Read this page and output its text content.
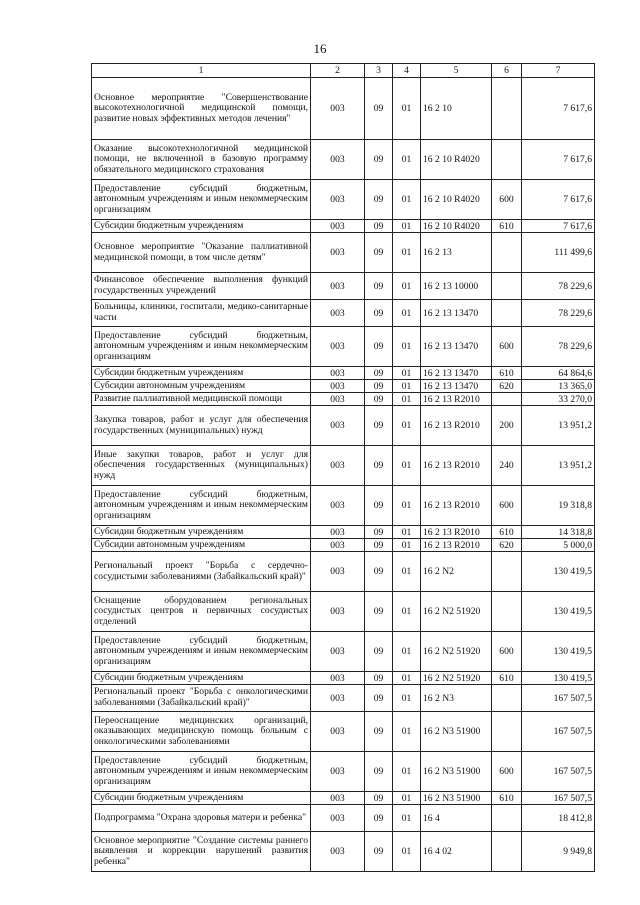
16
1	2	3	4	5	6	7
Основное мероприятие "Совершенствование высокотехнологичной медицинской помощи, развитие новых эффективных методов лечения"	003	09	01	16 2 10		7 617,6
Оказание высокотехнологичной медицинской помощи, не включенной в базовую программу обязательного медицинского страхования	003	09	01	16 2 10 R4020		7 617,6
Предоставление субсидий бюджетным, автономным учреждениям и иным некоммерческим организациям	003	09	01	16 2 10 R4020	600	7 617,6
Субсидии бюджетным учреждениям	003	09	01	16 2 10 R4020	610	7 617,6
Основное мероприятие "Оказание паллиативной медицинской помощи, в том числе детям"	003	09	01	16 2 13		111 499,6
Финансовое обеспечение выполнения функций государственных учреждений	003	09	01	16 2 13 10000		78 229,6
Больницы, клиники, госпитали, медико-санитарные части	003	09	01	16 2 13 13470		78 229,6
Предоставление субсидий бюджетным, автономным учреждениям и иным некоммерческим организациям	003	09	01	16 2 13 13470	600	78 229,6
Субсидии бюджетным учреждениям	003	09	01	16 2 13 13470	610	64 864,6
Субсидии автономным учреждениям	003	09	01	16 2 13 13470	620	13 365,0
Развитие паллиативной медицинской помощи	003	09	01	16 2 13 R2010		33 270,0
Закупка товаров, работ и услуг для обеспечения государственных (муниципальных) нужд	003	09	01	16 2 13 R2010	200	13 951,2
Иные закупки товаров, работ и услуг для обеспечения государственных (муниципальных) нужд	003	09	01	16 2 13 R2010	240	13 951,2
Предоставление субсидий бюджетным, автономным учреждениям и иным некоммерческим организациям	003	09	01	16 2 13 R2010	600	19 318,8
Субсидии бюджетным учреждениям	003	09	01	16 2 13 R2010	610	14 318,8
Субсидии автономным учреждениям	003	09	01	16 2 13 R2010	620	5 000,0
Региональный проект "Борьба с сердечно-сосудистыми заболеваниями (Забайкальский край)"	003	09	01	16 2 N2		130 419,5
Оснащение оборудованием региональных сосудистых центров и первичных сосудистых отделений	003	09	01	16 2 N2 51920		130 419,5
Предоставление субсидий бюджетным, автономным учреждениям и иным некоммерческим организациям	003	09	01	16 2 N2 51920	600	130 419,5
Субсидии бюджетным учреждениям	003	09	01	16 2 N2 51920	610	130 419,5
Региональный проект "Борьба с онкологическими заболеваниями (Забайкальский край)"	003	09	01	16 2 N3		167 507,5
Переоснащение медицинских организаций, оказывающих медицинскую помощь больным с онкологическими заболеваниями	003	09	01	16 2 N3 51900		167 507,5
Предоставление субсидий бюджетным, автономным учреждениям и иным некоммерческим организациям	003	09	01	16 2 N3 51900	600	167 507,5
Субсидии бюджетным учреждениям	003	09	01	16 2 N3 51900	610	167 507,5
Подпрограмма "Охрана здоровья матери и ребенка"	003	09	01	16 4		18 412,8
Основное мероприятие "Создание системы раннего выявления и коррекции нарушений развития ребенка"	003	09	01	16 4 02		9 949,8
